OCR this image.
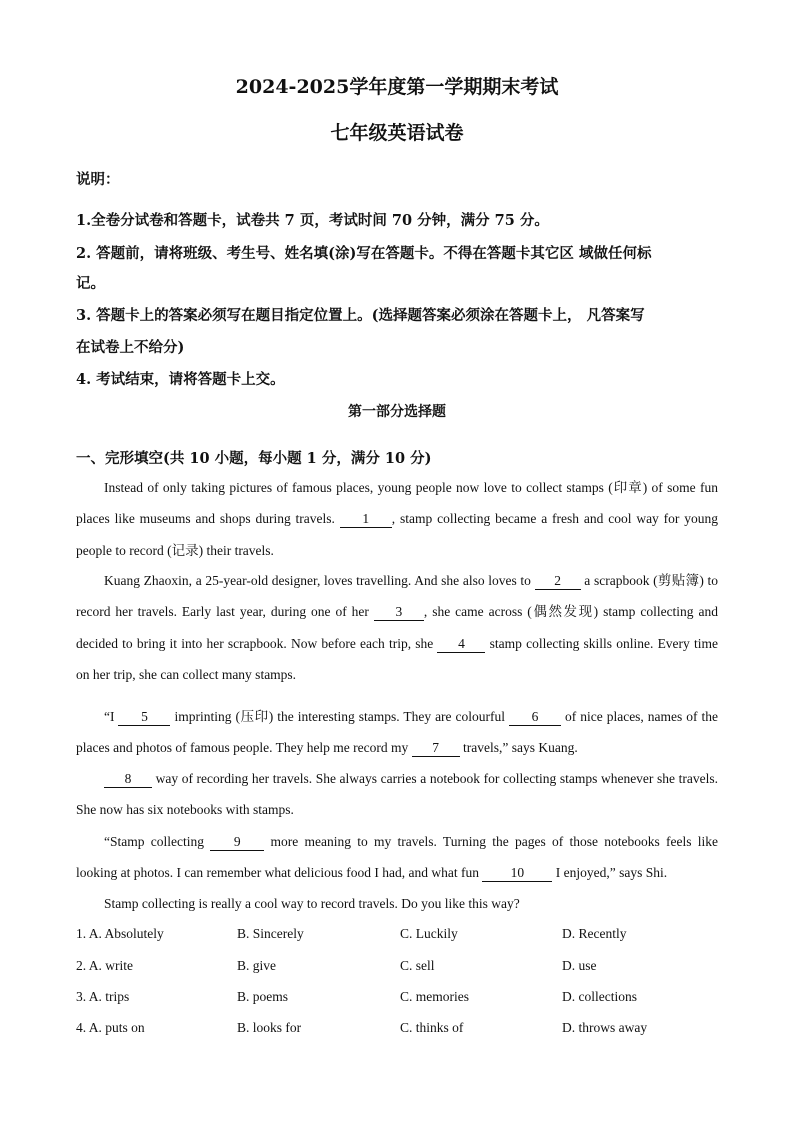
2024-2025学年度第一学期期末考试
七年级英语试卷
说明：
1.全卷分试卷和答题卡，试卷共 7 页，考试时间 70 分钟，满分 75 分。
2. 答题前，请将班级、考生号、姓名填(涂)写在答题卡。不得在答题卡其它区 域做任何标
记。
3. 答题卡上的答案必须写在题目指定位置上。(选择题答案必须涂在答题卡上， 凡答案写
在试卷上不给分)
4. 考试结束，请将答题卡上交。
第一部分选择题
一、完形填空(共 10 小题，每小题 1 分，满分 10 分)
Instead of only taking pictures of famous places, young people now love to collect stamps (印章) of some fun places like museums and shops during travels. 1 , stamp collecting became a fresh and cool way for young people to record (记录) their travels.
Kuang Zhaoxin, a 25-year-old designer, loves travelling. And she also loves to 2 a scrapbook (剪贴簿) to record her travels. Early last year, during one of her 3 , she came across (偶然发现) stamp collecting and decided to bring it into her scrapbook. Now before each trip, she 4 stamp collecting skills online. Every time on her trip, she can collect many stamps.
“I 5 imprinting (压印) the interesting stamps. They are colourful 6 of nice places, names of the places and photos of famous people. They help me record my 7 travels,” says Kuang.
8 way of recording her travels. She always carries a notebook for collecting stamps whenever she travels. She now has six notebooks with stamps.
“Stamp collecting 9 more meaning to my travels. Turning the pages of those notebooks feels like looking at photos. I can remember what delicious food I had, and what fun 10 I enjoyed,” says Shi.
Stamp collecting is really a cool way to record travels. Do you like this way?
1. A. Absolutely	B. Sincerely	C. Luckily	D. Recently
2. A. write	B. give	C. sell	D. use
3. A. trips	B. poems	C. memories	D. collections
4. A. puts on	B. looks for	C. thinks of	D. throws away
